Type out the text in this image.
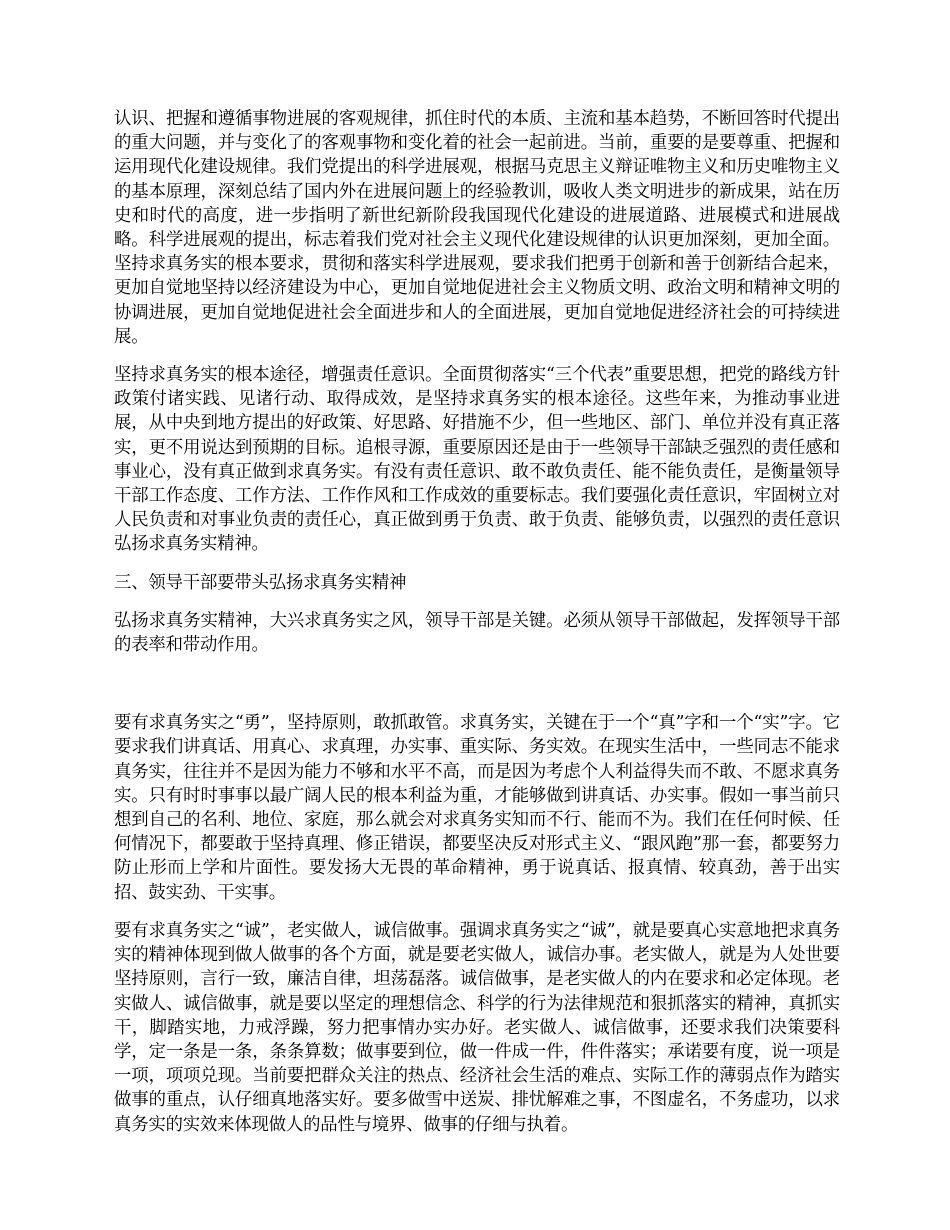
认识、把握和遵循事物进展的客观规律，抓住时代的本质、主流和基本趋势，不断回答时代提出的重大问题，并与变化了的客观事物和变化着的社会一起前进。当前，重要的是要尊重、把握和运用现代化建设规律。我们党提出的科学进展观，根据马克思主义辩证唯物主义和历史唯物主义的基本原理，深刻总结了国内外在进展问题上的经验教训，吸收人类文明进步的新成果，站在历史和时代的高度，进一步指明了新世纪新阶段我国现代化建设的进展道路、进展模式和进展战略。科学进展观的提出，标志着我们党对社会主义现代化建设规律的认识更加深刻，更加全面。坚持求真务实的根本要求，贯彻和落实科学进展观，要求我们把勇于创新和善于创新结合起来，更加自觉地坚持以经济建设为中心，更加自觉地促进社会主义物质文明、政治文明和精神文明的协调进展，更加自觉地促进社会全面进步和人的全面进展，更加自觉地促进经济社会的可持续进展。

坚持求真务实的根本途径，增强责任意识。全面贯彻落实“三个代表”重要思想，把党的路线方针政策付诸实践、见诸行动、取得成效，是坚持求真务实的根本途径。这些年来，为推动事业进展，从中央到地方提出的好政策、好思路、好措施不少，但一些地区、部门、单位并没有真正落实，更不用说达到预期的目标。追根寻源，重要原因还是由于一些领导干部缺乏强烈的责任感和事业心，没有真正做到求真务实。有没有责任意识、敢不敢负责任、能不能负责任，是衡量领导干部工作态度、工作方法、工作作风和工作成效的重要标志。我们要强化责任意识，牢固树立对人民负责和对事业负责的责任心，真正做到勇于负责、敢于负责、能够负责，以强烈的责任意识弘扬求真务实精神。

三、领导干部要带头弘扬求真务实精神

弘扬求真务实精神，大兴求真务实之风，领导干部是关键。必须从领导干部做起，发挥领导干部的表率和带动作用。

要有求真务实之“勇”，坚持原则，敢抓敢管。求真务实，关键在于一个“真”字和一个“实”字。它要求我们讲真话、用真心、求真理，办实事、重实际、务实效。在现实生活中，一些同志不能求真务实，往往并不是因为能力不够和水平不高，而是因为考虑个人利益得失而不敢、不愿求真务实。只有时时事事以最广阔人民的根本利益为重，才能够做到讲真话、办实事。假如一事当前只想到自己的名利、地位、家庭，那么就会对求真务实知而不行、能而不为。我们在任何时候、任何情况下，都要敢于坚持真理、修正错误，都要坚决反对形式主义、“跟风跑”那一套，都要努力防止形而上学和片面性。要发扬大无畏的革命精神，勇于说真话、报真情、较真劲，善于出实招、鼓实劲、干实事。

要有求真务实之“诚”，老实做人，诚信做事。强调求真务实之“诚”，就是要真心实意地把求真务实的精神体现到做人做事的各个方面，就是要老实做人，诚信办事。老实做人，就是为人处世要坚持原则，言行一致，廉洁自律，坦荡磊落。诚信做事，是老实做人的内在要求和必定体现。老实做人、诚信做事，就是要以坚定的理想信念、科学的行为法律规范和狠抓落实的精神，真抓实干，脚踏实地，力戒浮躁，努力把事情办实办好。老实做人、诚信做事，还要求我们决策要科学，定一条是一条，条条算数；做事要到位，做一件成一件，件件落实；承诺要有度，说一项是一项，项项兑现。当前要把群众关注的热点、经济社会生活的难点、实际工作的薄弱点作为踏实做事的重点，认仔细真地落实好。要多做雪中送炭、排忧解难之事，不图虚名，不务虚功，以求真务实的实效来体现做人的品性与境界、做事的仔细与执着。
